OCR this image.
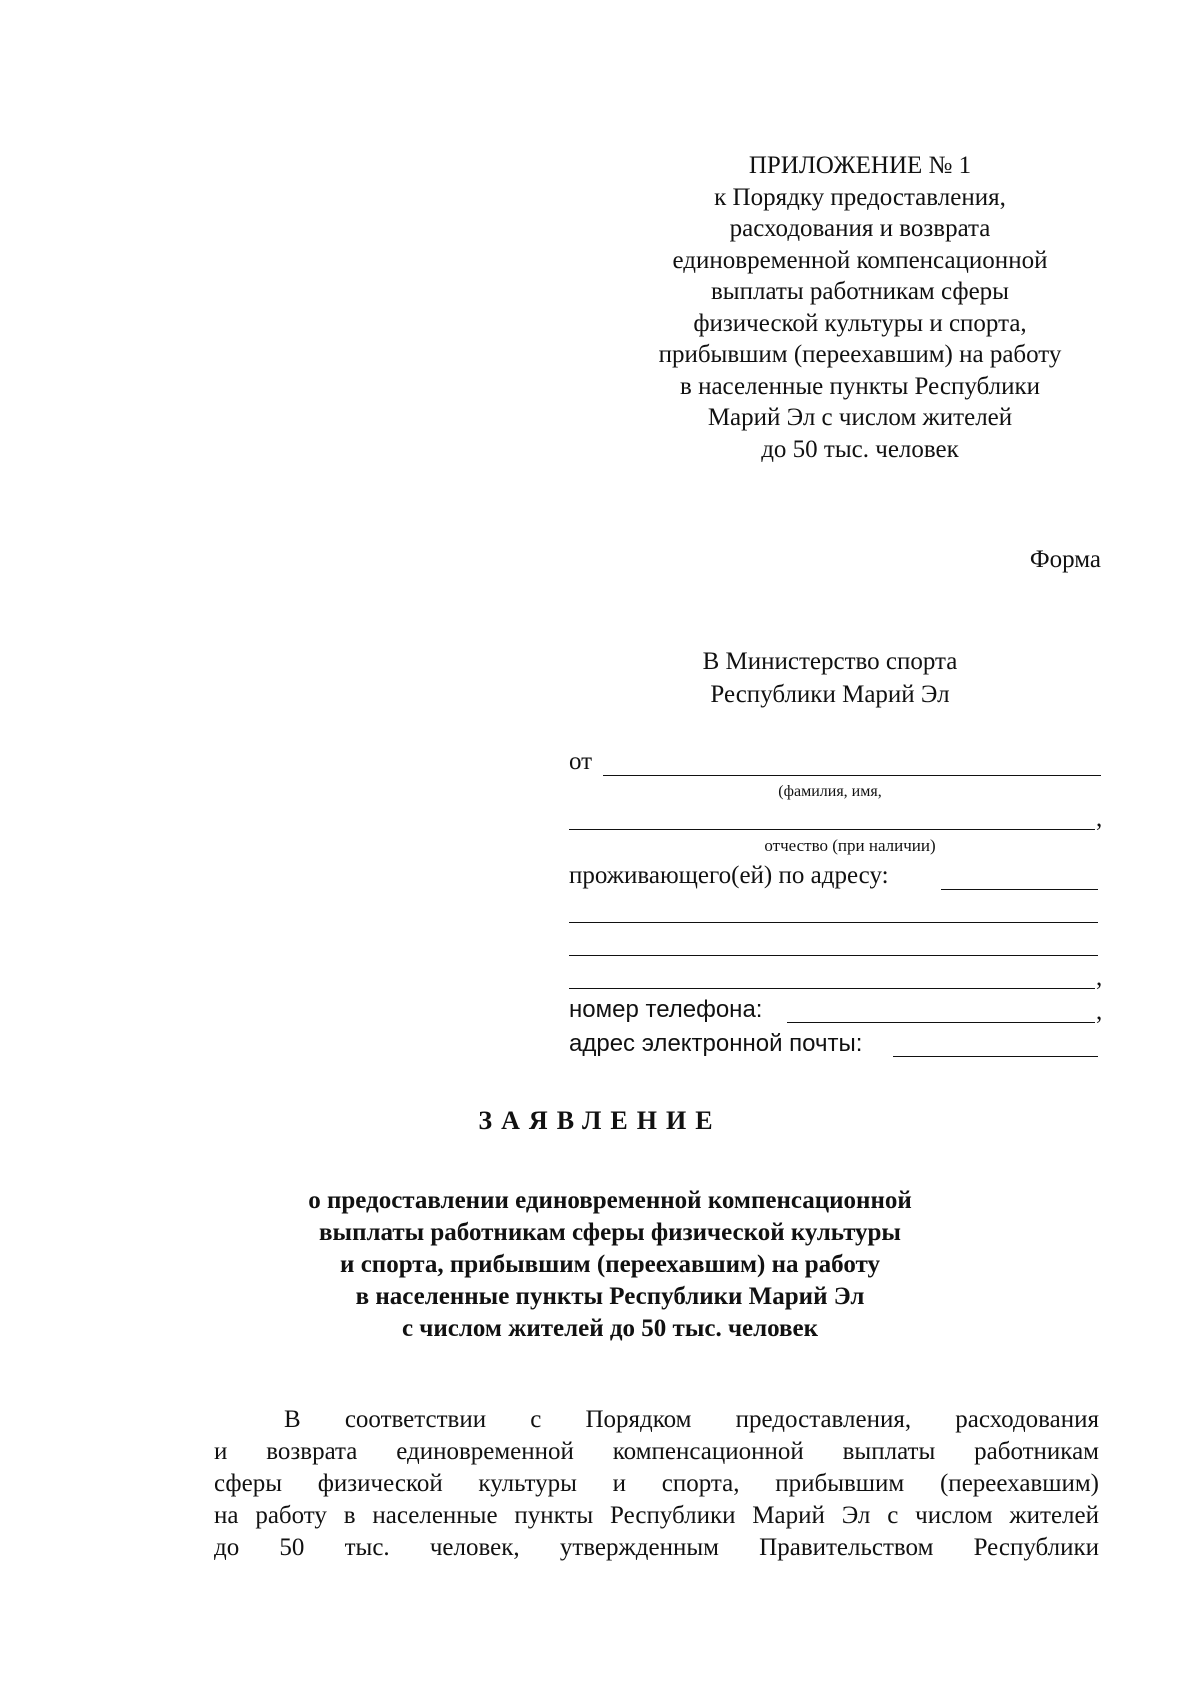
ПРИЛОЖЕНИЕ № 1
к Порядку предоставления,
расходования и возврата
единовременной компенсационной
выплаты работникам сферы
физической культуры и спорта,
прибывшим (переехавшим) на работу
в населенные пункты Республики
Марий Эл с числом жителей
до 50 тыс. человек
Форма
В Министерство спорта
Республики Марий Эл
от
(фамилия, имя,
,
отчество (при наличии)
проживающего(ей) по адресу:
,
номер телефона:	,
адрес электронной почты:
ЗАЯВЛЕНИЕ
о предоставлении единовременной компенсационной
выплаты работникам сферы физической культуры
и спорта, прибывшим (переехавшим) на работу
в населенные пункты Республики Марий Эл
с числом жителей до 50 тыс. человек
В соответствии с Порядком предоставления, расходования
и возврата единовременной компенсационной выплаты работникам
сферы физической культуры и спорта, прибывшим (переехавшим)
на работу в населенные пункты Республики Марий Эл с числом жителей
до 50 тыс. человек, утвержденным Правительством Республики
